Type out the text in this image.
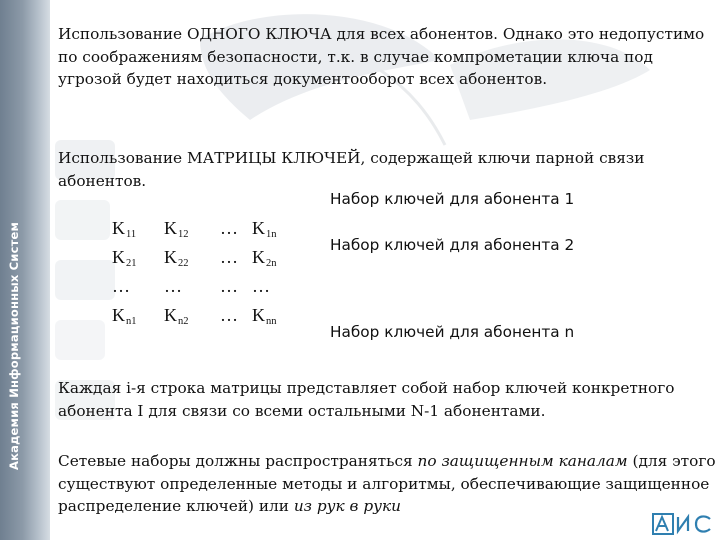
Академия Информационных Систем

Использование ОДНОГО КЛЮЧА для всех абонентов. Однако это недопустимо по соображениям безопасности, т.к. в случае компрометации ключа под угрозой будет находиться документооборот всех абонентов.

Использование МАТРИЦЫ КЛЮЧЕЙ, содержащей ключи парной связи абонентов.

$K_{11}$	$K_{12}$	…	$K_{1n}$
$K_{21}$	$K_{22}$	…	$K_{2n}$
…	…	…	…
$K_{n1}$	$K_{n2}$	…	$K_{nn}$

Набор ключей для абонента 1

Набор ключей для абонента 2

Набор ключей для абонента n

Каждая i-я строка матрицы представляет собой набор ключей конкретного абонента I для связи со всеми остальными N-1 абонентами.

Сетевые наборы должны распространяться по защищенным каналам (для этого существуют определенные методы и алгоритмы, обеспечивающие защищенное распределение ключей) или из рук в руки
